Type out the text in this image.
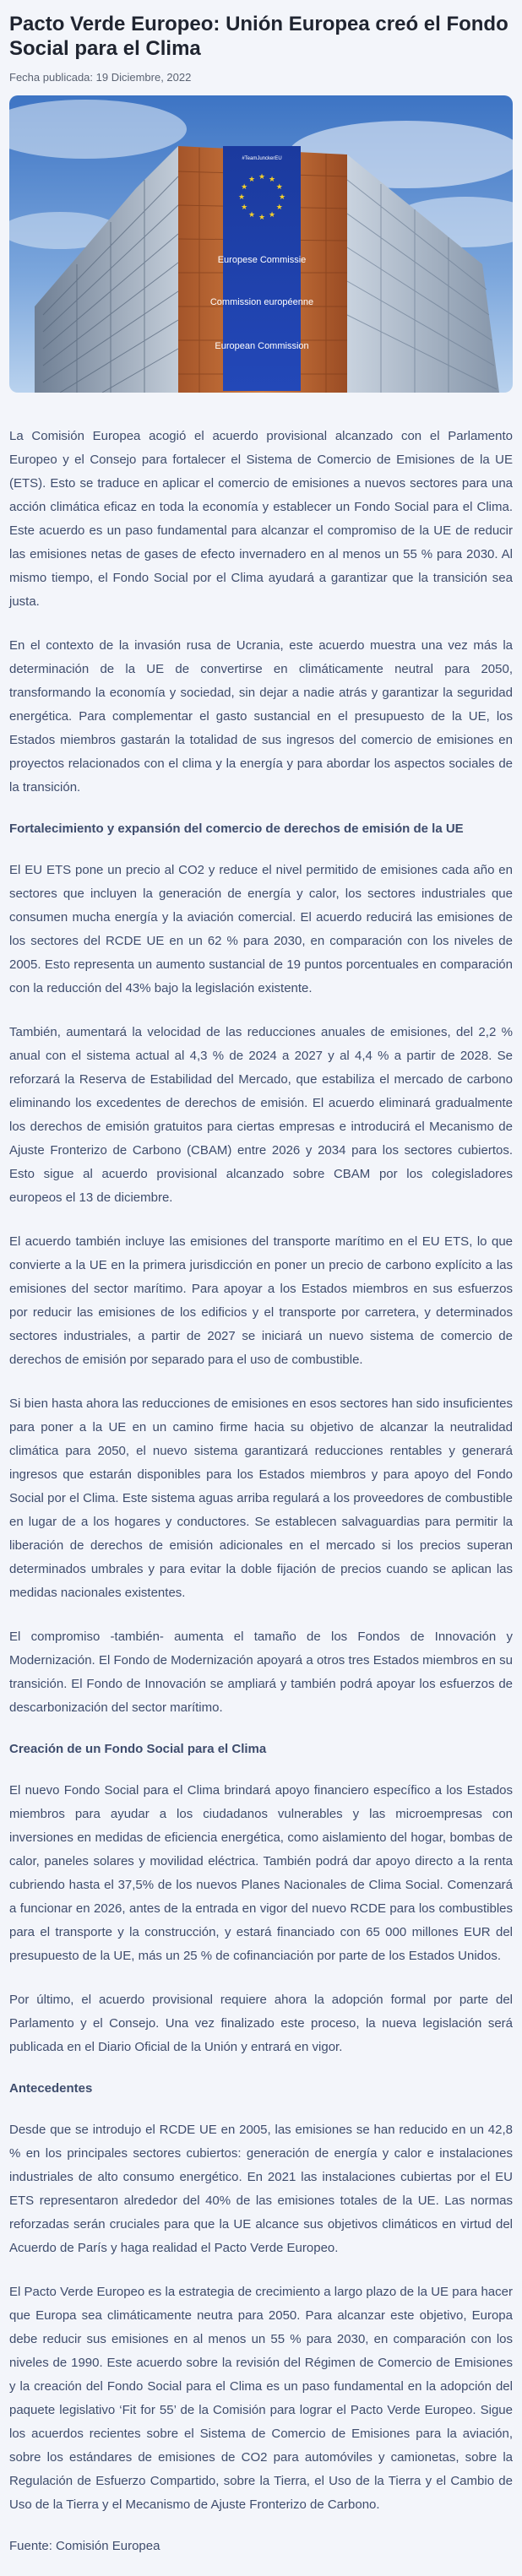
Pacto Verde Europeo: Unión Europea creó el Fondo Social para el Clima
Fecha publicada: 19 Diciembre, 2022
#TeamJunckerEU
★ ★
★
★
★
★
★
★
★
★
★
★
Europese Commissie
Commission européenne
European Commission

La Comisión Europea acogió el acuerdo provisional alcanzado con el Parlamento Europeo y el Consejo para fortalecer el Sistema de Comercio de Emisiones de la UE (ETS). Esto se traduce en aplicar el comercio de emisiones a nuevos sectores para una acción climática eficaz en toda la economía y establecer un Fondo Social para el Clima. Este acuerdo es un paso fundamental para alcanzar el compromiso de la UE de reducir las emisiones netas de gases de efecto invernadero en al menos un 55 % para 2030. Al mismo tiempo, el Fondo Social por el Clima ayudará a garantizar que la transición sea justa.

En el contexto de la invasión rusa de Ucrania, este acuerdo muestra una vez más la determinación de la UE de convertirse en climáticamente neutral para 2050, transformando la economía y sociedad, sin dejar a nadie atrás y garantizar la seguridad energética. Para complementar el gasto sustancial en el presupuesto de la UE, los Estados miembros gastarán la totalidad de sus ingresos del comercio de emisiones en proyectos relacionados con el clima y la energía y para abordar los aspectos sociales de la transición.

Fortalecimiento y expansión del comercio de derechos de emisión de la UE

El EU ETS pone un precio al CO2 y reduce el nivel permitido de emisiones cada año en sectores que incluyen la generación de energía y calor, los sectores industriales que consumen mucha energía y la aviación comercial. El acuerdo reducirá las emisiones de los sectores del RCDE UE en un 62 % para 2030, en comparación con los niveles de 2005. Esto representa un aumento sustancial de 19 puntos porcentuales en comparación con la reducción del 43% bajo la legislación existente.

También, aumentará la velocidad de las reducciones anuales de emisiones, del 2,2 % anual con el sistema actual al 4,3 % de 2024 a 2027 y al 4,4 % a partir de 2028. Se reforzará la Reserva de Estabilidad del Mercado, que estabiliza el mercado de carbono eliminando los excedentes de derechos de emisión. El acuerdo eliminará gradualmente los derechos de emisión gratuitos para ciertas empresas e introducirá el Mecanismo de Ajuste Fronterizo de Carbono (CBAM) entre 2026 y 2034 para los sectores cubiertos. Esto sigue al acuerdo provisional alcanzado sobre CBAM por los colegisladores europeos el 13 de diciembre.

El acuerdo también incluye las emisiones del transporte marítimo en el EU ETS, lo que convierte a la UE en la primera jurisdicción en poner un precio de carbono explícito a las emisiones del sector marítimo. Para apoyar a los Estados miembros en sus esfuerzos por reducir las emisiones de los edificios y el transporte por carretera, y determinados sectores industriales, a partir de 2027 se iniciará un nuevo sistema de comercio de derechos de emisión por separado para el uso de combustible.

Si bien hasta ahora las reducciones de emisiones en esos sectores han sido insuficientes para poner a la UE en un camino firme hacia su objetivo de alcanzar la neutralidad climática para 2050, el nuevo sistema garantizará reducciones rentables y generará ingresos que estarán disponibles para los Estados miembros y para apoyo del Fondo Social por el Clima. Este sistema aguas arriba regulará a los proveedores de combustible en lugar de a los hogares y conductores. Se establecen salvaguardias para permitir la liberación de derechos de emisión adicionales en el mercado si los precios superan determinados umbrales y para evitar la doble fijación de precios cuando se aplican las medidas nacionales existentes.

El compromiso -también- aumenta el tamaño de los Fondos de Innovación y Modernización. El Fondo de Modernización apoyará a otros tres Estados miembros en su transición. El Fondo de Innovación se ampliará y también podrá apoyar los esfuerzos de descarbonización del sector marítimo.

Creación de un Fondo Social para el Clima

El nuevo Fondo Social para el Clima brindará apoyo financiero específico a los Estados miembros para ayudar a los ciudadanos vulnerables y las microempresas con inversiones en medidas de eficiencia energética, como aislamiento del hogar, bombas de calor, paneles solares y movilidad eléctrica. También podrá dar apoyo directo a la renta cubriendo hasta el 37,5% de los nuevos Planes Nacionales de Clima Social. Comenzará a funcionar en 2026, antes de la entrada en vigor del nuevo RCDE para los combustibles para el transporte y la construcción, y estará financiado con 65 000 millones EUR del presupuesto de la UE, más un 25 % de cofinanciación por parte de los Estados Unidos.

Por último, el acuerdo provisional requiere ahora la adopción formal por parte del Parlamento y el Consejo. Una vez finalizado este proceso, la nueva legislación será publicada en el Diario Oficial de la Unión y entrará en vigor.

Antecedentes

Desde que se introdujo el RCDE UE en 2005, las emisiones se han reducido en un 42,8 % en los principales sectores cubiertos: generación de energía y calor e instalaciones industriales de alto consumo energético. En 2021 las instalaciones cubiertas por el EU ETS representaron alrededor del 40% de las emisiones totales de la UE. Las normas reforzadas serán cruciales para que la UE alcance sus objetivos climáticos en virtud del Acuerdo de París y haga realidad el Pacto Verde Europeo.

El Pacto Verde Europeo es la estrategia de crecimiento a largo plazo de la UE para hacer que Europa sea climáticamente neutra para 2050. Para alcanzar este objetivo, Europa debe reducir sus emisiones en al menos un 55 % para 2030, en comparación con los niveles de 1990. Este acuerdo sobre la revisión del Régimen de Comercio de Emisiones y la creación del Fondo Social para el Clima es un paso fundamental en la adopción del paquete legislativo ‘Fit for 55’ de la Comisión para lograr el Pacto Verde Europeo. Sigue los acuerdos recientes sobre el Sistema de Comercio de Emisiones para la aviación, sobre los estándares de emisiones de CO2 para automóviles y camionetas, sobre la Regulación de Esfuerzo Compartido, sobre la Tierra, el Uso de la Tierra y el Cambio de Uso de la Tierra y el Mecanismo de Ajuste Fronterizo de Carbono.

Fuente: Comisión Europea
